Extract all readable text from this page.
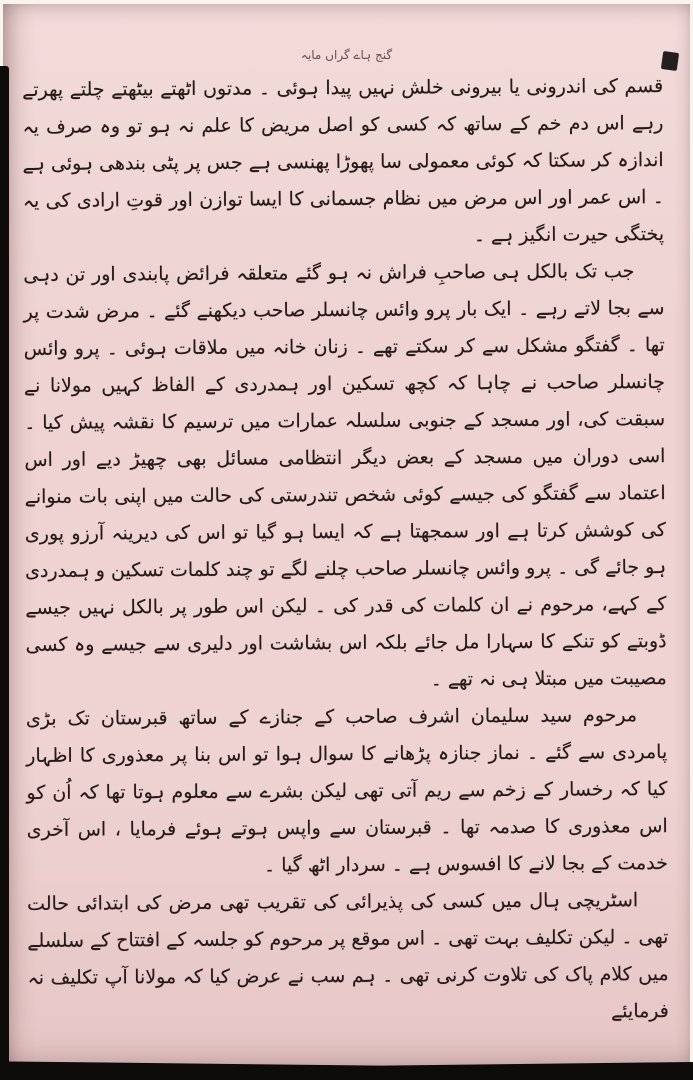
گنج ہاے گراں مایہ

قسم کی اندرونی یا بیرونی خلش نہیں پیدا ہوئی ۔ مدتوں اٹھتے بیٹھتے چلتے پھرتے رہے اس دم خم کے ساتھ کہ کسی کو اصل مریض کا علم نہ ہو تو وہ صرف یہ اندازہ کر سکتا کہ کوئی معمولی سا پھوڑا پھنسی ہے جس پر پٹی بندھی ہوئی ہے ۔ اس عمر اور اس مرض میں نظام جسمانی کا ایسا توازن اور قوتِ ارادی کی یہ پختگی حیرت انگیز ہے ۔

جب تک بالکل ہی صاحبِ فراش نہ ہو گئے متعلقہ فرائض پابندی اور تن دہی سے بجا لاتے رہے ۔ ایک بار پرو وائس چانسلر صاحب دیکھنے گئے ۔ مرض شدت پر تھا ۔ گفتگو مشکل سے کر سکتے تھے ۔ زنان خانہ میں ملاقات ہوئی ۔ پرو وائس چانسلر صاحب نے چاہا کہ کچھ تسکین اور ہمدردی کے الفاظ کہیں مولانا نے سبقت کی، اور مسجد کے جنوبی سلسلہ عمارات میں ترسیم کا نقشہ پیش کیا ۔ اسی دوران میں مسجد کے بعض دیگر انتظامی مسائل بھی چھیڑ دیے اور اس اعتماد سے گفتگو کی جیسے کوئی شخص تندرستی کی حالت میں اپنی بات منوانے کی کوشش کرتا ہے اور سمجھتا ہے کہ ایسا ہو گیا تو اس کی دیرینہ آرزو پوری ہو جائے گی ۔ پرو وائس چانسلر صاحب چلنے لگے تو چند کلمات تسکین و ہمدردی کے کہے، مرحوم نے ان کلمات کی قدر کی ۔ لیکن اس طور پر بالکل نہیں جیسے ڈوبتے کو تنکے کا سہارا مل جائے بلکہ اس بشاشت اور دلیری سے جیسے وہ کسی مصیبت میں مبتلا ہی نہ تھے ۔

مرحوم سید سلیمان اشرف صاحب کے جنازے کے ساتھ قبرستان تک بڑی پامردی سے گئے ۔ نماز جنازہ پڑھانے کا سوال ہوا تو اس بنا پر معذوری کا اظہار کیا کہ رخسار کے زخم سے ریم آتی تھی لیکن بشرے سے معلوم ہوتا تھا کہ اُن کو اس معذوری کا صدمہ تھا ۔ قبرستان سے واپس ہوتے ہوئے فرمایا ، اس آخری خدمت کے بجا لانے کا افسوس ہے ۔ سردار اٹھ گیا ۔

اسٹریچی ہال میں کسی کی پذیرائی کی تقریب تھی مرض کی ابتدائی حالت تھی ۔ لیکن تکلیف بہت تھی ۔ اس موقع پر مرحوم کو جلسہ کے افتتاح کے سلسلے میں کلام پاک کی تلاوت کرنی تھی ۔ ہم سب نے عرض کیا کہ مولانا آپ تکلیف نہ فرمایئے
